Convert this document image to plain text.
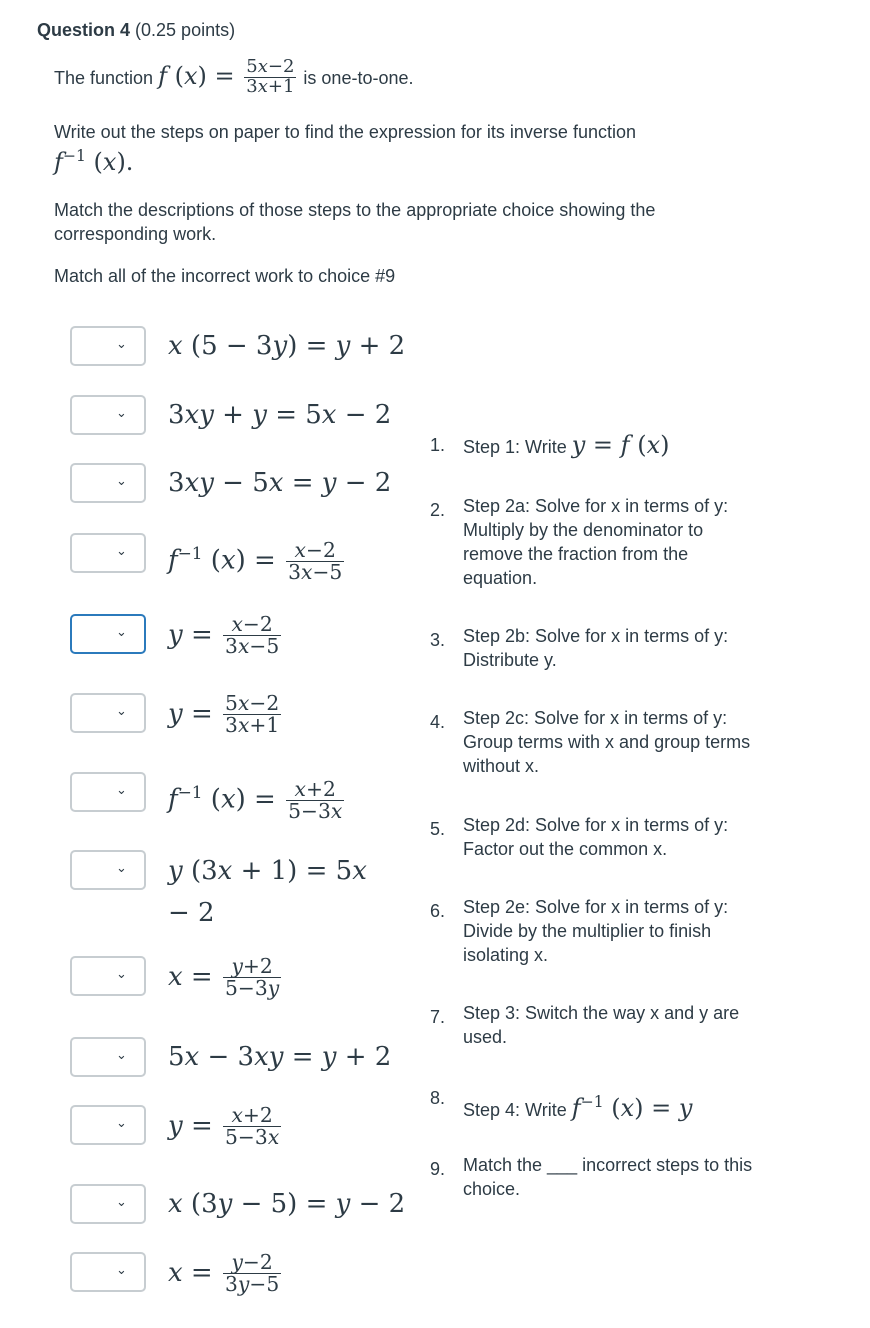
Question 4 (0.25 points)
The function f $(x) = \frac{5x-2}{3x+1}$ is one-to-one.
Write out the steps on paper to find the expression for its inverse function
$f^{-1}$ (x).
Match the descriptions of those steps to the appropriate choice showing the corresponding work.
Match all of the incorrect work to choice #9
⌄ x (5 − 3y) = y + 2
⌄ 3xy + y = 5x − 2
⌄ 3xy − 5x = y − 2
⌄ $f^{-1}$ $(x) = \frac{x-2}{3x-5}$
⌄ $y = \frac{x-2}{3x-5}$
⌄ $y = \frac{5x-2}{3x+1}$
⌄ $f^{-1}$ $(x) = \frac{x+2}{5-3x}$
⌄ y (3x + 1) = 5x
− 2
⌄ $x = \frac{y+2}{5-3y}$
⌄ 5x − 3xy = y + 2
⌄ $y = \frac{x+2}{5-3x}$
⌄ x (3y − 5) = y − 2
⌄ $x = \frac{y-2}{3y-5}$
1. Step 1: Write y = f (x)
2. Step 2a: Solve for x in terms of y: Multiply by the denominator to remove the fraction from the equation.
3. Step 2b: Solve for x in terms of y: Distribute y.
4. Step 2c: Solve for x in terms of y: Group terms with x and group terms without x.
5. Step 2d: Solve for x in terms of y: Factor out the common x.
6. Step 2e: Solve for x in terms of y: Divide by the multiplier to finish isolating x.
7. Step 3: Switch the way x and y are used.
8.
Step 4: Write $f^{-1}$ (x) = y
9. Match the ___ incorrect steps to this choice.
